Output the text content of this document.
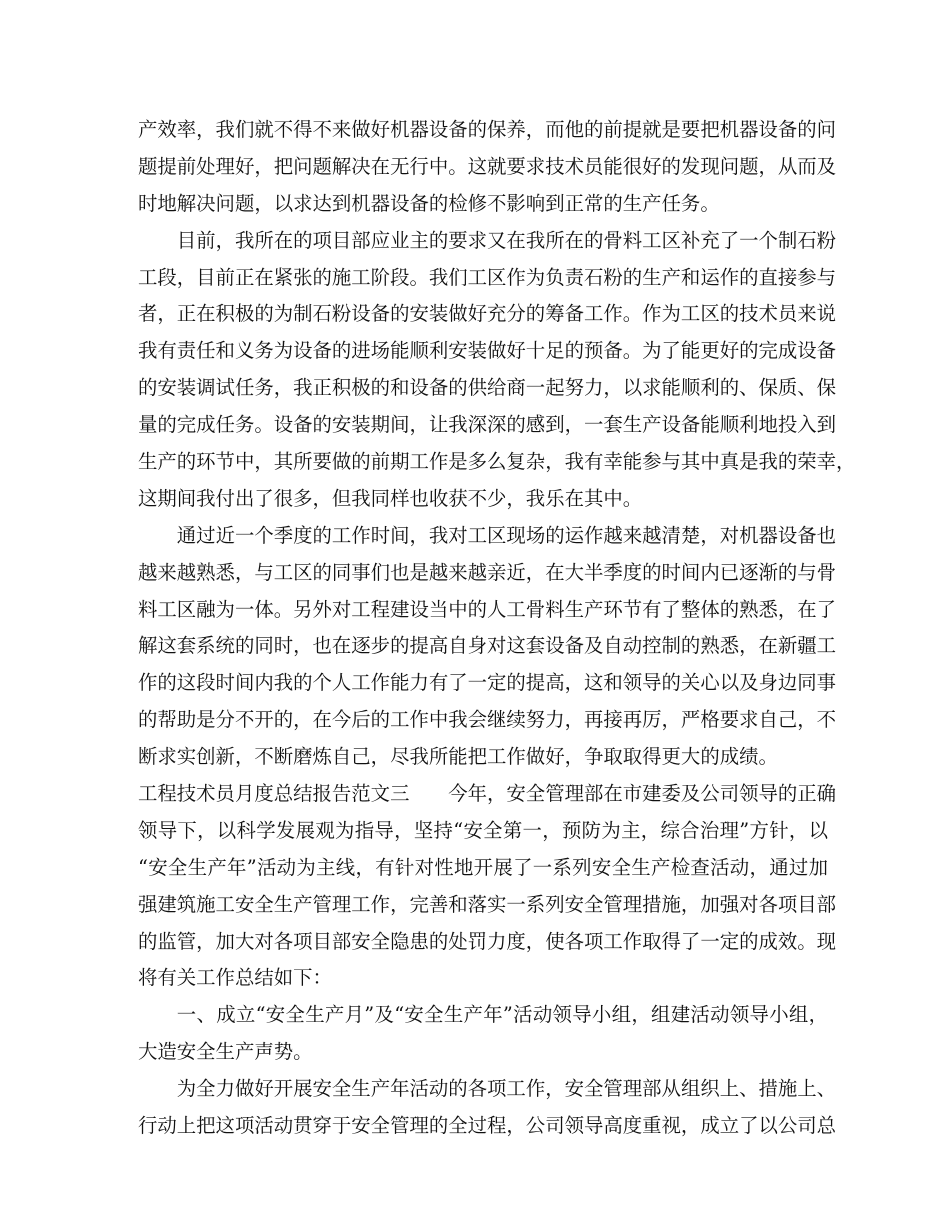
产效率，我们就不得不来做好机器设备的保养，而他的前提就是要把机器设备的问
题提前处理好，把问题解决在无行中。这就要求技术员能很好的发现问题，从而及
时地解决问题，以求达到机器设备的检修不影响到正常的生产任务。
目前，我所在的项目部应业主的要求又在我所在的骨料工区补充了一个制石粉
工段，目前正在紧张的施工阶段。我们工区作为负责石粉的生产和运作的直接参与
者，正在积极的为制石粉设备的安装做好充分的筹备工作。作为工区的技术员来说
我有责任和义务为设备的进场能顺利安装做好十足的预备。为了能更好的完成设备
的安装调试任务，我正积极的和设备的供给商一起努力，以求能顺利的、保质、保
量的完成任务。设备的安装期间，让我深深的感到，一套生产设备能顺利地投入到
生产的环节中，其所要做的前期工作是多么复杂，我有幸能参与其中真是我的荣幸，
这期间我付出了很多，但我同样也收获不少，我乐在其中。
通过近一个季度的工作时间，我对工区现场的运作越来越清楚，对机器设备也
越来越熟悉，与工区的同事们也是越来越亲近，在大半季度的时间内已逐渐的与骨
料工区融为一体。另外对工程建设当中的人工骨料生产环节有了整体的熟悉，在了
解这套系统的同时，也在逐步的提高自身对这套设备及自动控制的熟悉，在新疆工
作的这段时间内我的个人工作能力有了一定的提高，这和领导的关心以及身边同事
的帮助是分不开的，在今后的工作中我会继续努力，再接再厉，严格要求自己，不
断求实创新，不断磨炼自己，尽我所能把工作做好，争取取得更大的成绩。
工程技术员月度总结报告范文三　　今年，安全管理部在市建委及公司领导的正确
领导下，以科学发展观为指导，坚持“安全第一，预防为主，综合治理”方针，以
“安全生产年”活动为主线，有针对性地开展了一系列安全生产检查活动，通过加
强建筑施工安全生产管理工作，完善和落实一系列安全管理措施，加强对各项目部
的监管，加大对各项目部安全隐患的处罚力度，使各项工作取得了一定的成效。现
将有关工作总结如下：
一、成立“安全生产月”及“安全生产年”活动领导小组，组建活动领导小组，
大造安全生产声势。
为全力做好开展安全生产年活动的各项工作，安全管理部从组织上、措施上、
行动上把这项活动贯穿于安全管理的全过程，公司领导高度重视，成立了以公司总
